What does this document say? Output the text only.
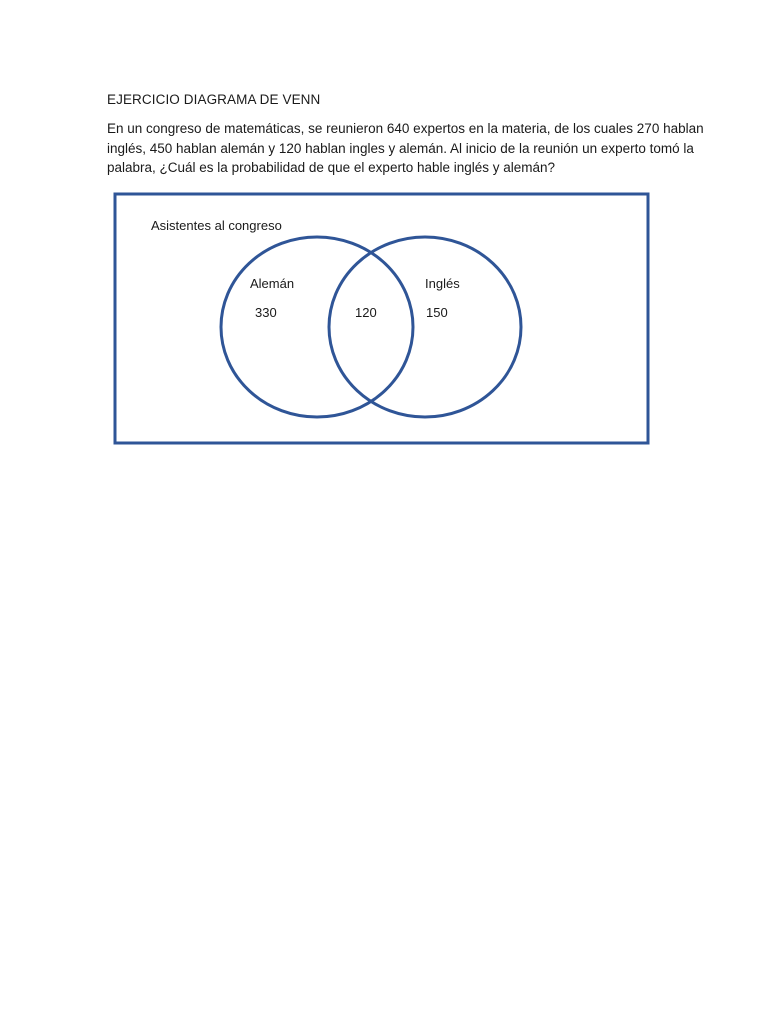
EJERCICIO DIAGRAMA DE VENN
En un congreso de matemáticas, se reunieron 640 expertos en la materia, de los cuales 270 hablan
inglés, 450 hablan alemán y 120 hablan ingles y alemán. Al inicio de la reunión un experto tomó la
palabra, ¿Cuál es la probabilidad de que el experto hable inglés y alemán?
Asistentes al congreso
Alemán	Inglés
330	120	150
